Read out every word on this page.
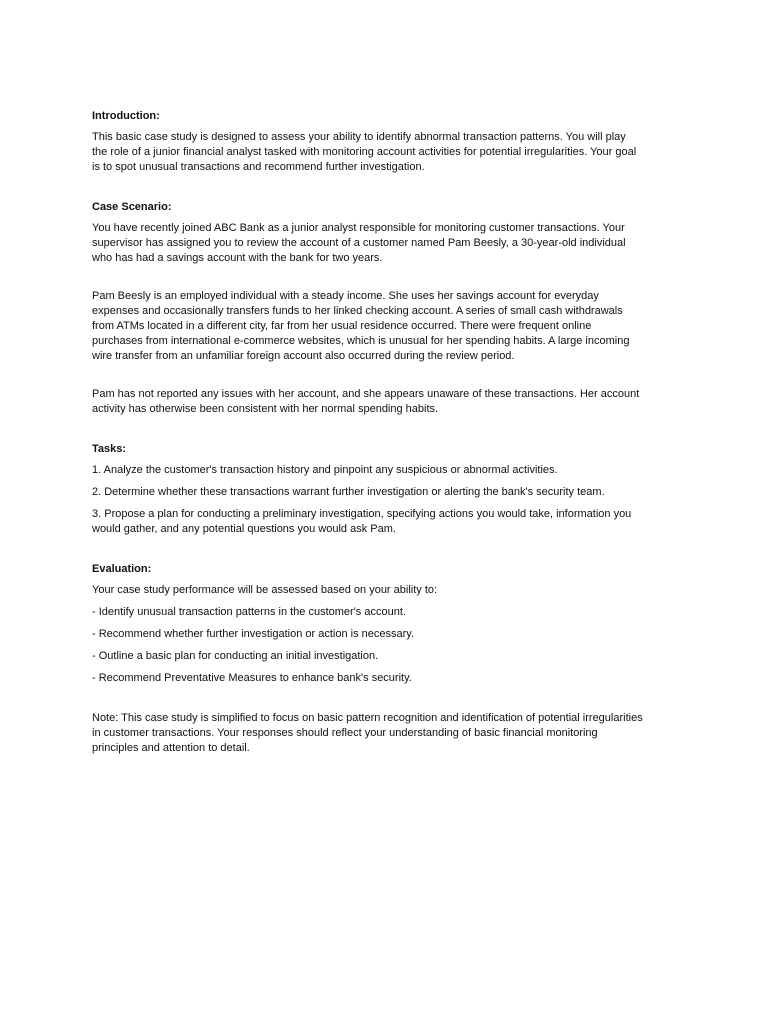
Introduction:

This basic case study is designed to assess your ability to identify abnormal transaction patterns. You will play
the role of a junior financial analyst tasked with monitoring account activities for potential irregularities. Your goal
is to spot unusual transactions and recommend further investigation.

Case Scenario:

You have recently joined ABC Bank as a junior analyst responsible for monitoring customer transactions. Your
supervisor has assigned you to review the account of a customer named Pam Beesly, a 30-year-old individual
who has had a savings account with the bank for two years.

Pam Beesly is an employed individual with a steady income. She uses her savings account for everyday
expenses and occasionally transfers funds to her linked checking account. A series of small cash withdrawals
from ATMs located in a different city, far from her usual residence occurred. There were frequent online
purchases from international e-commerce websites, which is unusual for her spending habits. A large incoming
wire transfer from an unfamiliar foreign account also occurred during the review period.

Pam has not reported any issues with her account, and she appears unaware of these transactions. Her account
activity has otherwise been consistent with her normal spending habits.

Tasks:

1. Analyze the customer's transaction history and pinpoint any suspicious or abnormal activities.

2. Determine whether these transactions warrant further investigation or alerting the bank's security team.

3. Propose a plan for conducting a preliminary investigation, specifying actions you would take, information you
would gather, and any potential questions you would ask Pam.

Evaluation:

Your case study performance will be assessed based on your ability to:

- Identify unusual transaction patterns in the customer's account.

- Recommend whether further investigation or action is necessary.

- Outline a basic plan for conducting an initial investigation.

- Recommend Preventative Measures to enhance bank's security.

Note: This case study is simplified to focus on basic pattern recognition and identification of potential irregularities
in customer transactions. Your responses should reflect your understanding of basic financial monitoring
principles and attention to detail.
